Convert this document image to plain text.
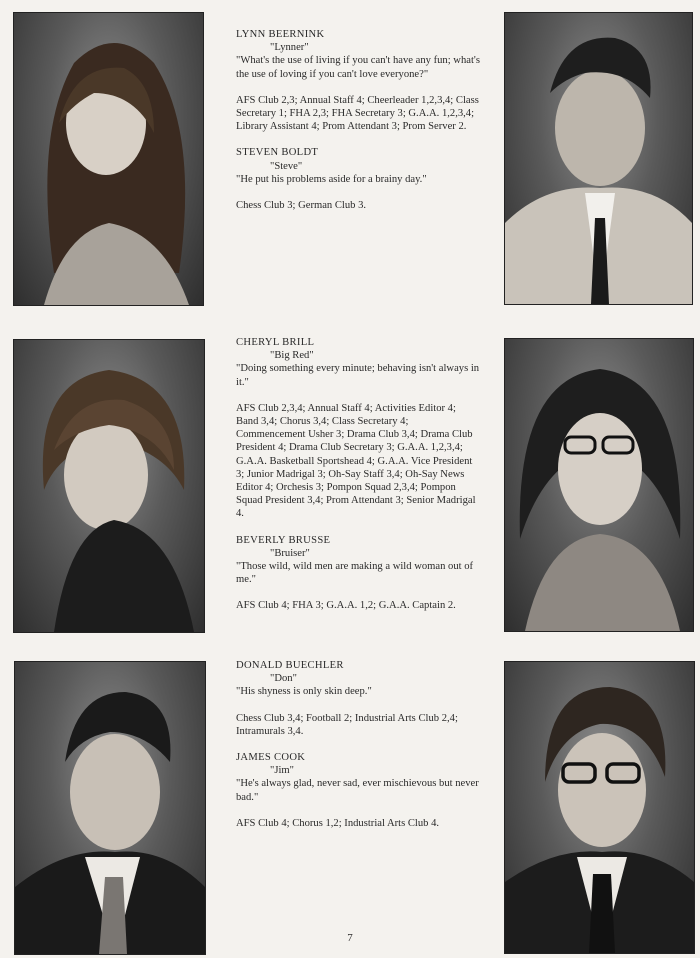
LYNN BEERNINK

"Lynner"

"What's the use of living if you can't have any fun; what's the use of loving if you can't love everyone?"

AFS Club 2,3; Annual Staff 4; Cheerleader 1,2,3,4; Class Secretary 1; FHA 2,3; FHA Secretary 3; G.A.A. 1,2,3,4; Library Assistant 4; Prom Attendant 3; Prom Server 2.

STEVEN BOLDT

"Steve"

"He put his problems aside for a brainy day."

Chess Club 3; German Club 3.

CHERYL BRILL

"Big Red"

"Doing something every minute; behaving isn't always in it."

AFS Club 2,3,4; Annual Staff 4; Activities Editor 4; Band 3,4; Chorus 3,4; Class Secretary 4; Commencement Usher 3; Drama Club 3,4; Drama Club President 4; Drama Club Secretary 3; G.A.A. 1,2,3,4; G.A.A. Basketball Sportshead 4; G.A.A. Vice President 3; Junior Madrigal 3; Oh-Say Staff 3,4; Oh-Say News Editor 4; Orchesis 3; Pompon Squad 2,3,4; Pompon Squad President 3,4; Prom Attendant 3; Senior Madrigal 4.

BEVERLY BRUSSE

"Bruiser"

"Those wild, wild men are making a wild woman out of me."

AFS Club 4; FHA 3; G.A.A. 1,2; G.A.A. Captain 2.

DONALD BUECHLER

"Don"

"His shyness is only skin deep."

Chess Club 3,4; Football 2; Industrial Arts Club 2,4; Intramurals 3,4.

JAMES COOK

"Jim"

"He's always glad, never sad, ever mischievous but never bad."

AFS Club 4; Chorus 1,2; Industrial Arts Club 4.

7
